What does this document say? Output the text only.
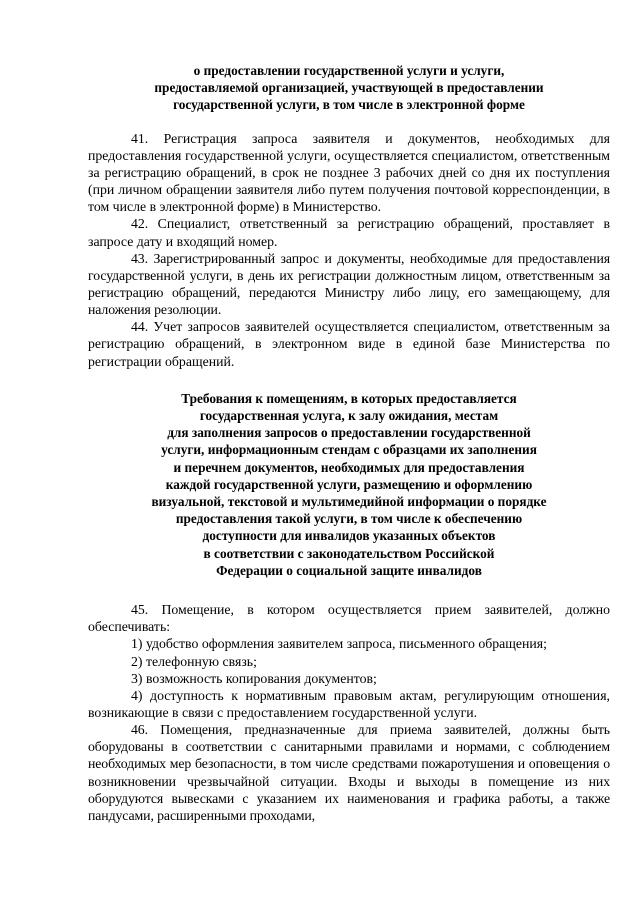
о предоставлении государственной услуги и услуги,
предоставляемой организацией, участвующей в предоставлении
государственной услуги, в том числе в электронной форме

41. Регистрация запроса заявителя и документов, необходимых для предоставления государственной услуги, осуществляется специалистом, ответственным за регистрацию обращений, в срок не позднее 3 рабочих дней со дня их поступления (при личном обращении заявителя либо путем получения почтовой корреспонденции, в том числе в электронной форме) в Министерство.

42. Специалист, ответственный за регистрацию обращений, проставляет в запросе дату и входящий номер.

43. Зарегистрированный запрос и документы, необходимые для предоставления государственной услуги, в день их регистрации должностным лицом, ответственным за регистрацию обращений, передаются Министру либо лицу, его замещающему, для наложения резолюции.

44. Учет запросов заявителей осуществляется специалистом, ответственным за регистрацию обращений, в электронном виде в единой базе Министерства по регистрации обращений.

Требования к помещениям, в которых предоставляется
государственная услуга, к залу ожидания, местам
для заполнения запросов о предоставлении государственной
услуги, информационным стендам с образцами их заполнения
и перечнем документов, необходимых для предоставления
каждой государственной услуги, размещению и оформлению
визуальной, текстовой и мультимедийной информации о порядке
предоставления такой услуги, в том числе к обеспечению
доступности для инвалидов указанных объектов
в соответствии с законодательством Российской
Федерации о социальной защите инвалидов

45. Помещение, в котором осуществляется прием заявителей, должно обеспечивать:

1) удобство оформления заявителем запроса, письменного обращения;

2) телефонную связь;

3) возможность копирования документов;

4) доступность к нормативным правовым актам, регулирующим отношения, возникающие в связи с предоставлением государственной услуги.

46. Помещения, предназначенные для приема заявителей, должны быть оборудованы в соответствии с санитарными правилами и нормами, с соблюдением необходимых мер безопасности, в том числе средствами пожаротушения и оповещения о возникновении чрезвычайной ситуации. Входы и выходы в помещение из них оборудуются вывесками с указанием их наименования и графика работы, а также пандусами, расширенными проходами,
